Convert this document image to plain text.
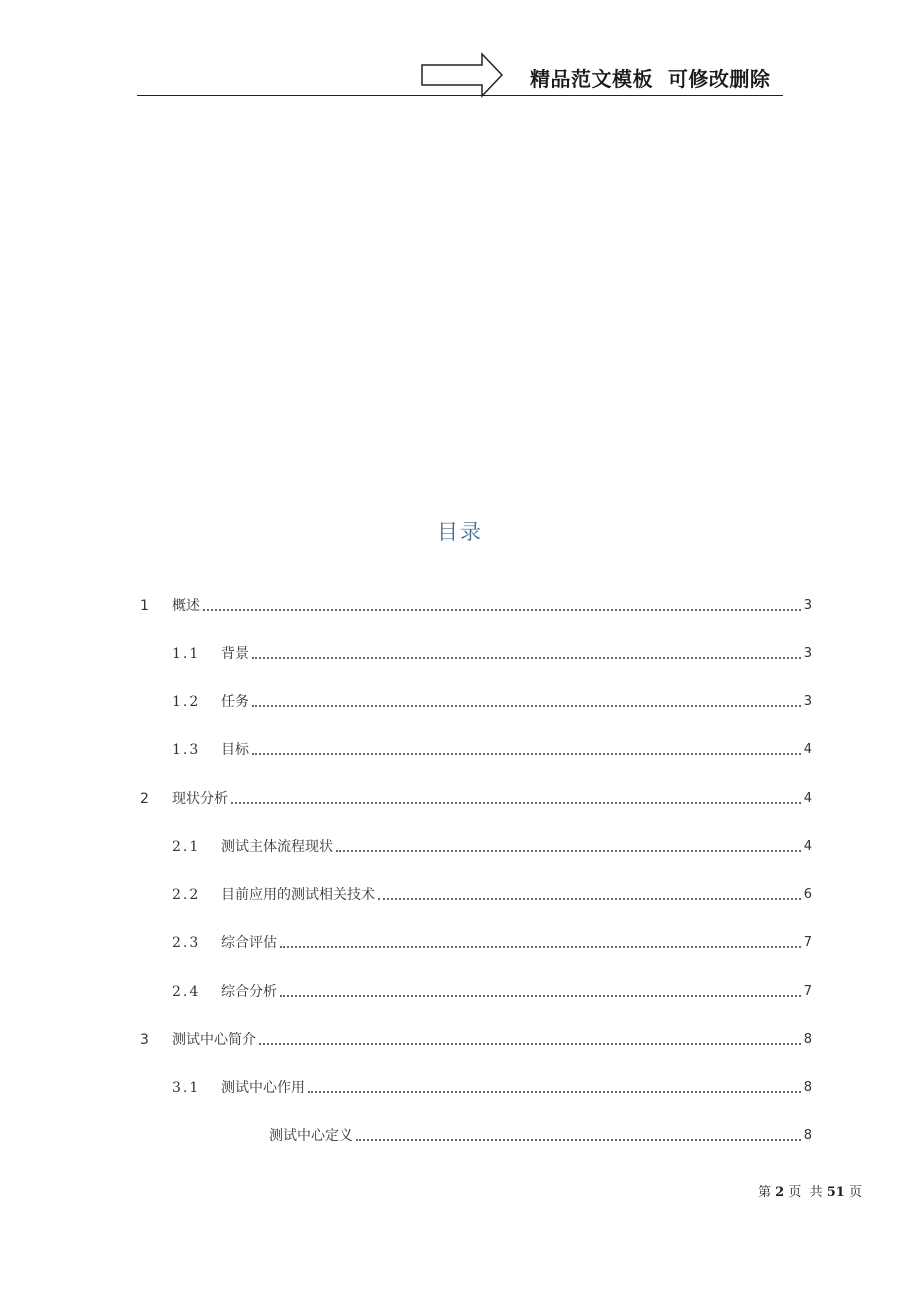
精品范文模板  可修改删除
目录
1	概述	3
1.1	背景	3
1.2	任务	3
1.3	目标	4
2	现状分析	4
2.1	测试主体流程现状	4
2.2	目前应用的测试相关技术	6
2.3	综合评估	7
2.4	综合分析	7
3	测试中心简介	8
3.1	测试中心作用	8
测试中心定义	8
第 2 页  共 51 页
